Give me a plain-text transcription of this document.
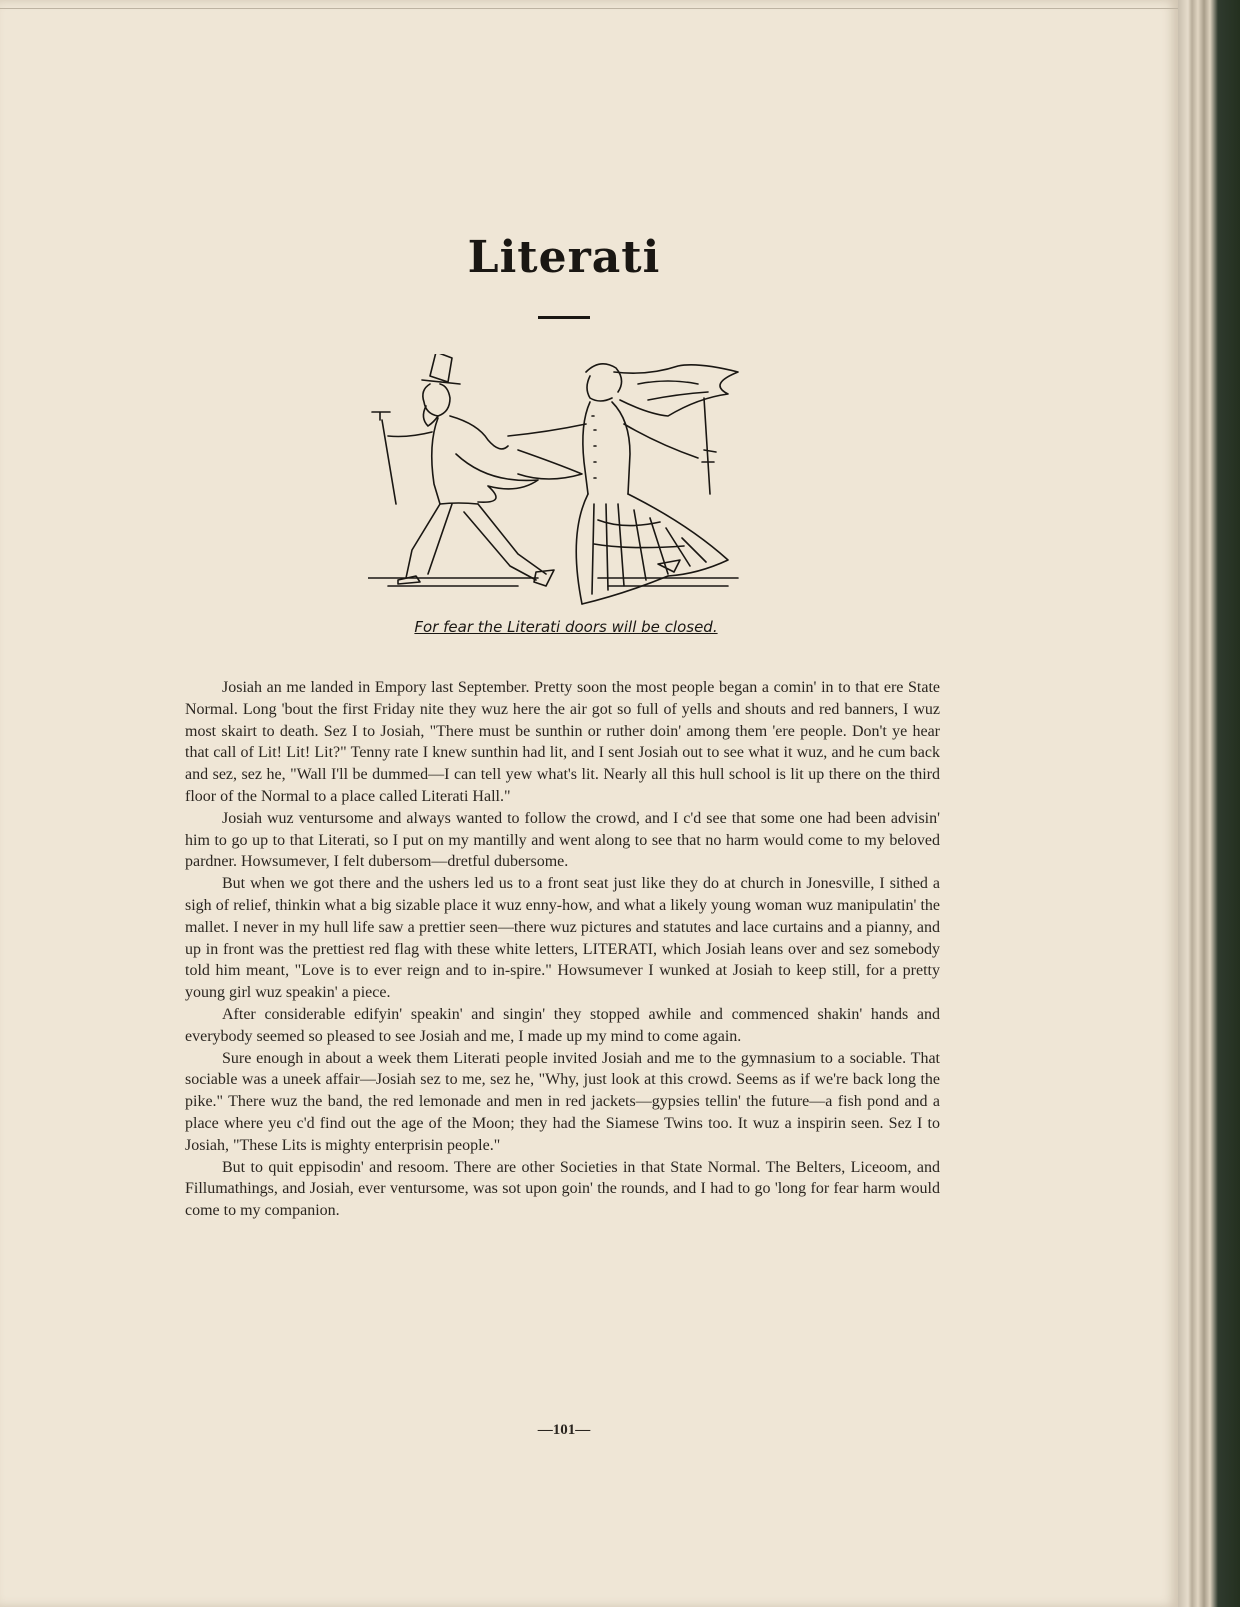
Literati
For fear the Literati doors will be closed.

Josiah an me landed in Empory last September. Pretty soon the most people began a comin' in to that ere State Normal. Long 'bout the first Friday nite they wuz here the air got so full of yells and shouts and red banners, I wuz most skairt to death. Sez I to Josiah, "There must be sunthin or ruther doin' among them 'ere people. Don't ye hear that call of Lit! Lit! Lit?" Tenny rate I knew sunthin had lit, and I sent Josiah out to see what it wuz, and he cum back and sez, sez he, "Wall I'll be dummed—I can tell yew what's lit. Nearly all this hull school is lit up there on the third floor of the Normal to a place called Literati Hall."

Josiah wuz ventursome and always wanted to follow the crowd, and I c'd see that some one had been advisin' him to go up to that Literati, so I put on my mantilly and went along to see that no harm would come to my beloved pardner. Howsumever, I felt dubersom—dretful dubersome.

But when we got there and the ushers led us to a front seat just like they do at church in Jonesville, I sithed a sigh of relief, thinkin what a big sizable place it wuz enny-how, and what a likely young woman wuz manipulatin' the mallet. I never in my hull life saw a prettier seen—there wuz pictures and statutes and lace curtains and a pianny, and up in front was the prettiest red flag with these white letters, LITERATI, which Josiah leans over and sez somebody told him meant, "Love is to ever reign and to in-spire." Howsumever I wunked at Josiah to keep still, for a pretty young girl wuz speakin' a piece.

After considerable edifyin' speakin' and singin' they stopped awhile and commenced shakin' hands and everybody seemed so pleased to see Josiah and me, I made up my mind to come again.

Sure enough in about a week them Literati people invited Josiah and me to the gymnasium to a sociable. That sociable was a uneek affair—Josiah sez to me, sez he, "Why, just look at this crowd. Seems as if we're back long the pike." There wuz the band, the red lemonade and men in red jackets—gypsies tellin' the future—a fish pond and a place where yeu c'd find out the age of the Moon; they had the Siamese Twins too. It wuz a inspirin seen. Sez I to Josiah, "These Lits is mighty enterprisin people."

But to quit eppisodin' and resoom. There are other Societies in that State Normal. The Belters, Liceoom, and Fillumathings, and Josiah, ever ventursome, was sot upon goin' the rounds, and I had to go 'long for fear harm would come to my companion.

—101—
